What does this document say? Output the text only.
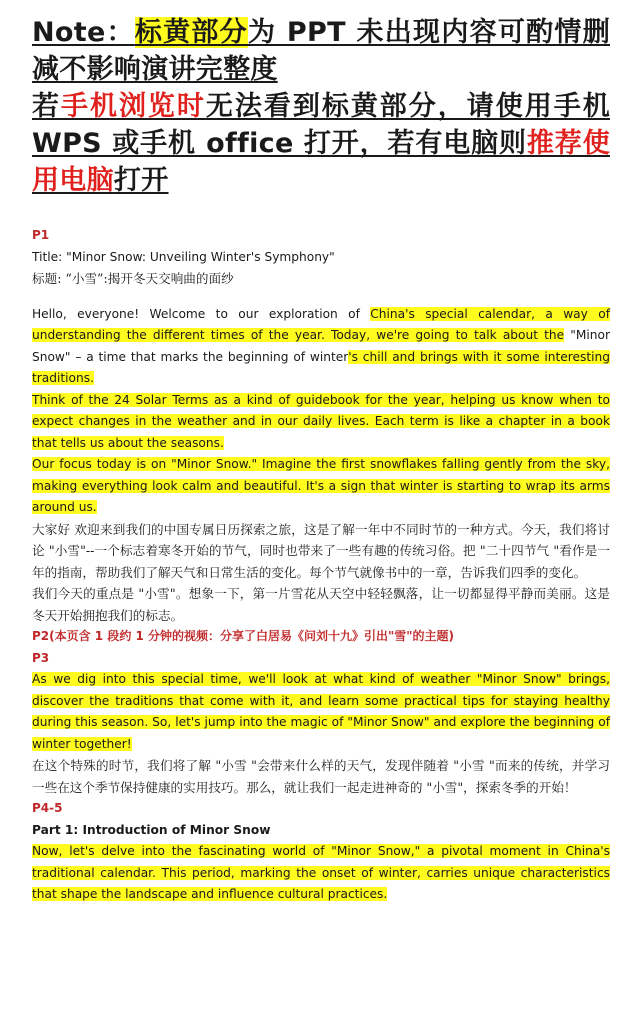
Note：标黄部分为 PPT 未出现内容可酌情删减不影响演讲完整度
若手机浏览时无法看到标黄部分，请使用手机 WPS 或手机 office 打开，若有电脑则推荐使用电脑打开

P1

Title: "Minor Snow: Unveiling Winter's Symphony"

标题: “小雪”:揭开冬天交响曲的面纱

Hello, everyone! Welcome to our exploration of China's special calendar, a way of understanding the different times of the year. Today, we're going to talk about the "Minor Snow" – a time that marks the beginning of winter's chill and brings with it some interesting traditions.

Think of the 24 Solar Terms as a kind of guidebook for the year, helping us know when to expect changes in the weather and in our daily lives. Each term is like a chapter in a book that tells us about the seasons.

Our focus today is on "Minor Snow." Imagine the first snowflakes falling gently from the sky, making everything look calm and beautiful. It's a sign that winter is starting to wrap its arms around us.

大家好 欢迎来到我们的中国专属日历探索之旅，这是了解一年中不同时节的一种方式。今天，我们将讨论 "小雪"--一个标志着寒冬开始的节气，同时也带来了一些有趣的传统习俗。把 "二十四节气 "看作是一年的指南，帮助我们了解天气和日常生活的变化。每个节气就像书中的一章，告诉我们四季的变化。

我们今天的重点是 "小雪"。想象一下，第一片雪花从天空中轻轻飘落，让一切都显得平静而美丽。这是冬天开始拥抱我们的标志。

P2(本页含 1 段约 1 分钟的视频：分享了白居易《问刘十九》引出"雪"的主题)

P3

As we dig into this special time, we'll look at what kind of weather "Minor Snow" brings, discover the traditions that come with it, and learn some practical tips for staying healthy during this season. So, let's jump into the magic of "Minor Snow" and explore the beginning of winter together!

在这个特殊的时节，我们将了解 "小雪 "会带来什么样的天气，发现伴随着 "小雪 "而来的传统，并学习一些在这个季节保持健康的实用技巧。那么，就让我们一起走进神奇的 "小雪"，探索冬季的开始！

P4-5

Part 1: Introduction of Minor Snow

Now, let's delve into the fascinating world of "Minor Snow," a pivotal moment in China's traditional calendar. This period, marking the onset of winter, carries unique characteristics that shape the landscape and influence cultural practices.
